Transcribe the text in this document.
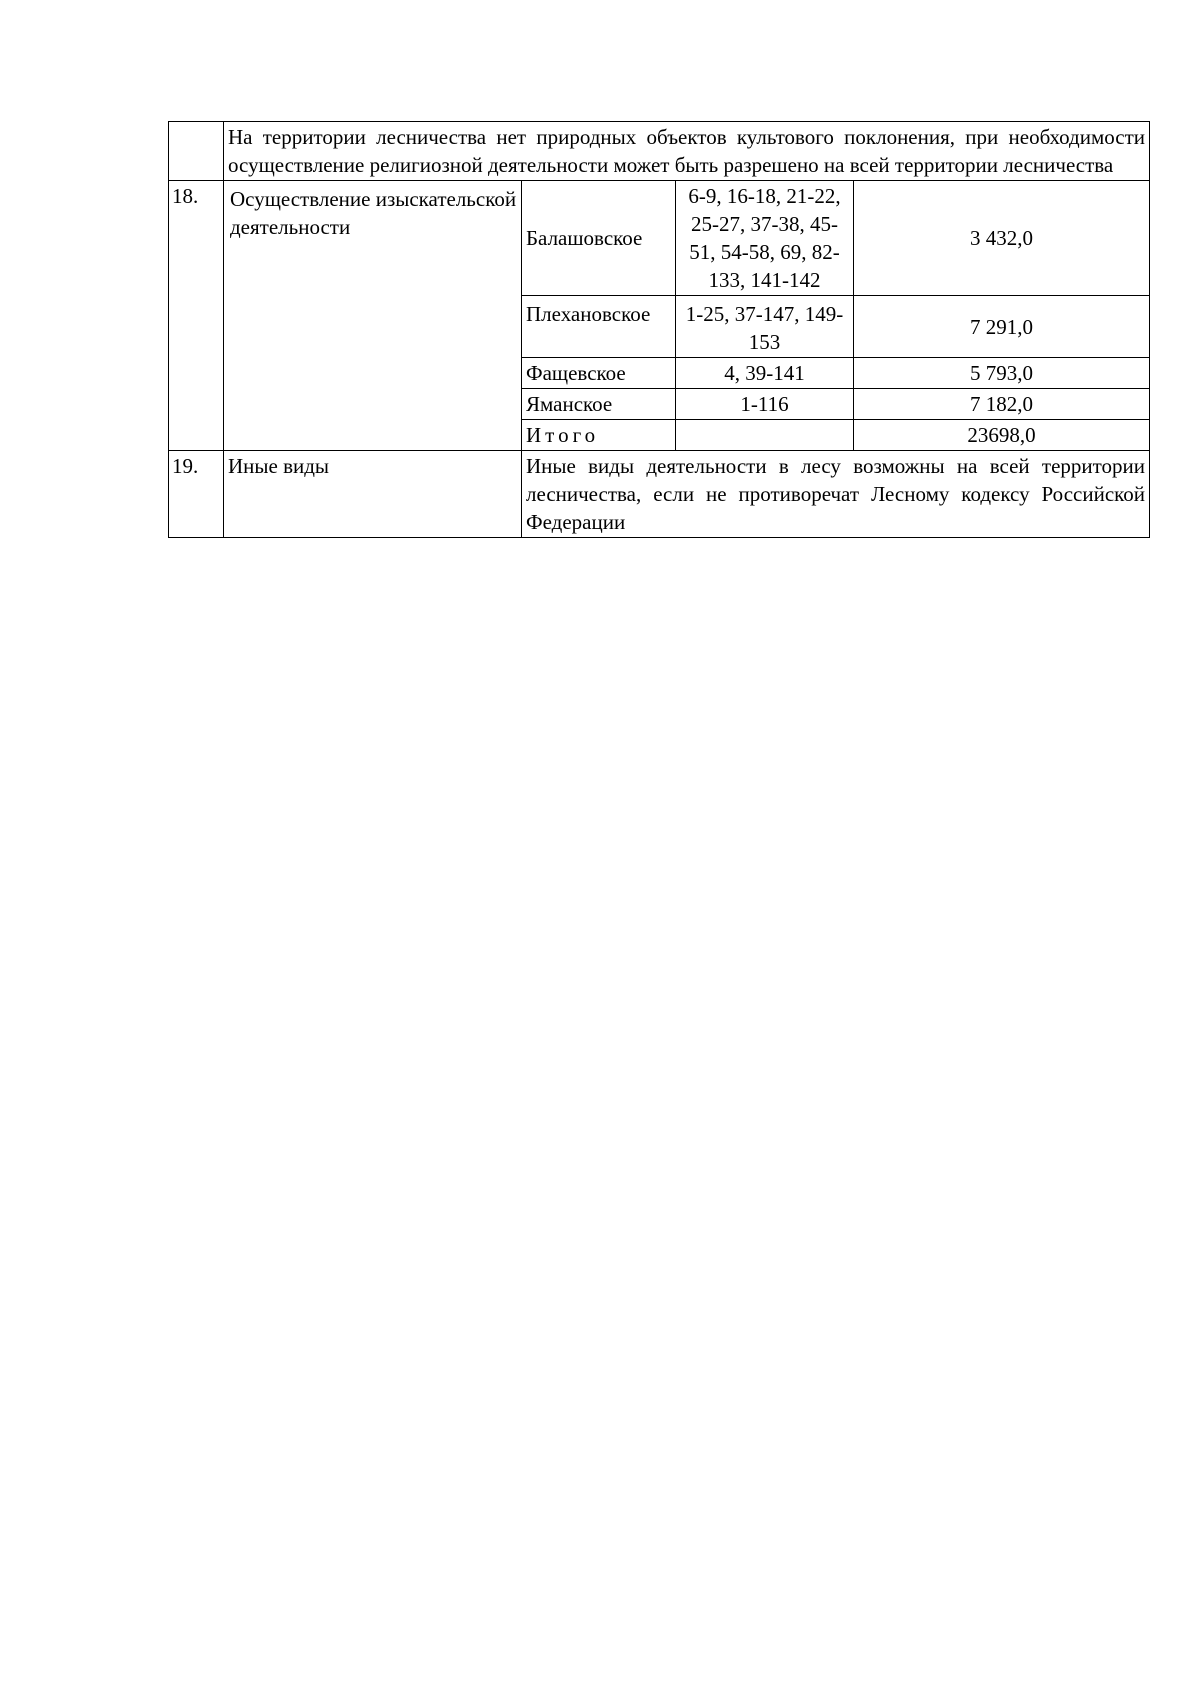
	На территории лесничества нет природных объектов культового поклонения, при необходимости осуществление религиозной деятельности может быть разрешено на всей территории лесничества			
18.	Осуществление изыскательской деятельности	Балашовское	6-9, 16-18, 21-22, 25-27, 37-38, 45-51, 54-58, 69, 82-133, 141-142	3 432,0
		Плехановское	1-25, 37-147, 149-153	7 291,0
		Фащевское	4, 39-141	5 793,0
		Яманское	1-116	7 182,0
		Итого		23698,0
19.	Иные виды	Иные виды деятельности в лесу возможны на всей территории лесничества, если не противоречат Лесному кодексу Российской Федерации		
